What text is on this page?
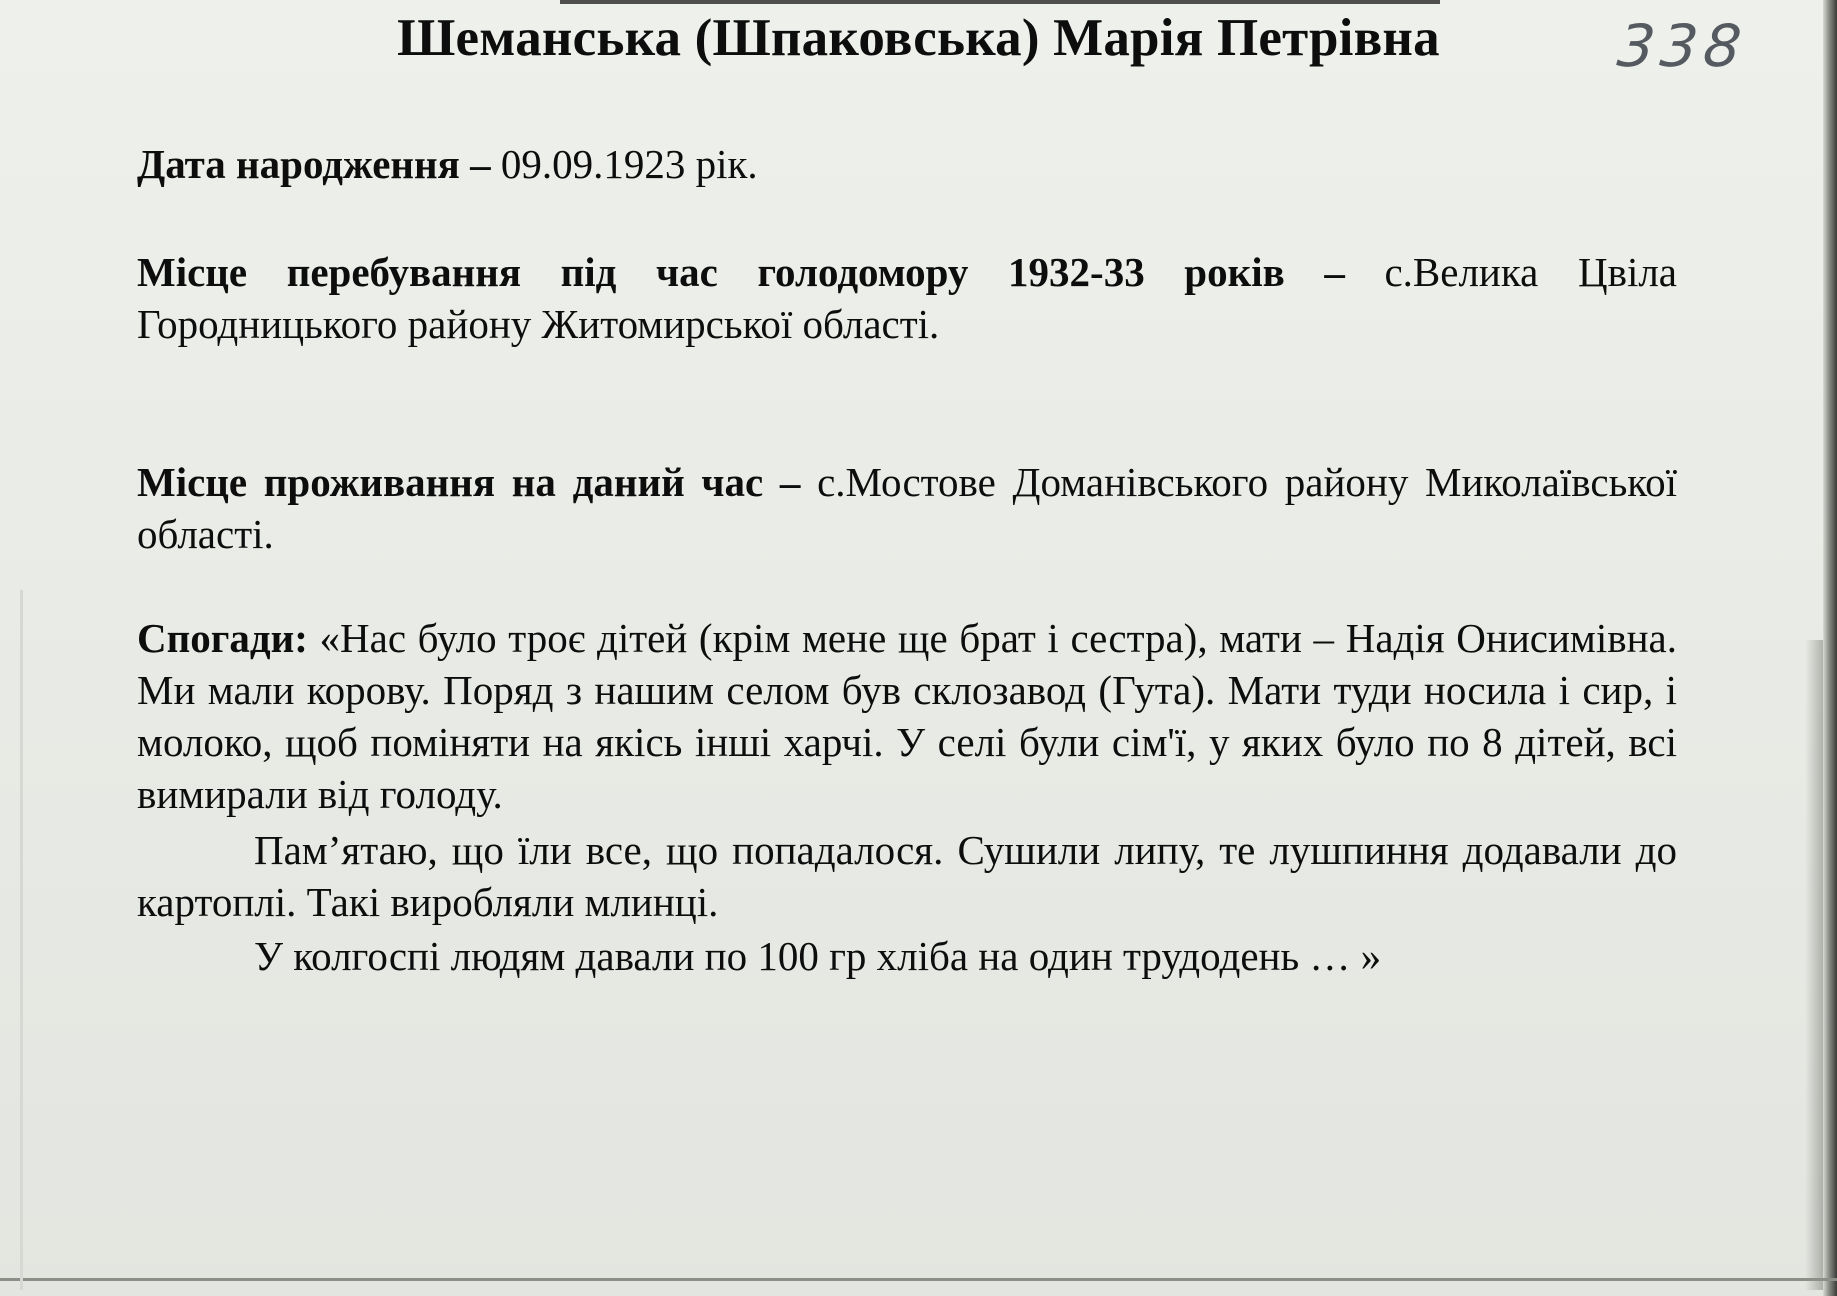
Шеманська (Шпаковська) Марія Петрівна	338

Дата народження – 09.09.1923 рік.

Місце перебування під час голодомору 1932-33 років – с.Велика Цвіла Городницького району Житомирської області.

Місце проживання на даний час – с.Мостове Доманівського району Миколаївської області.

Спогади: «Нас було троє дітей (крім мене ще брат і сестра), мати – Надія Онисимівна. Ми мали корову. Поряд з нашим селом був склозавод (Гута). Мати туди носила і сир, і молоко, щоб поміняти на якісь інші харчі. У селі були сім'ї, у яких було по 8 дітей, всі вимирали від голоду.

Пам’ятаю, що їли все, що попадалося. Сушили липу, те лушпиння додавали до картоплі. Такі виробляли млинці.

У колгоспі людям давали по 100 гр хліба на один трудодень … »
